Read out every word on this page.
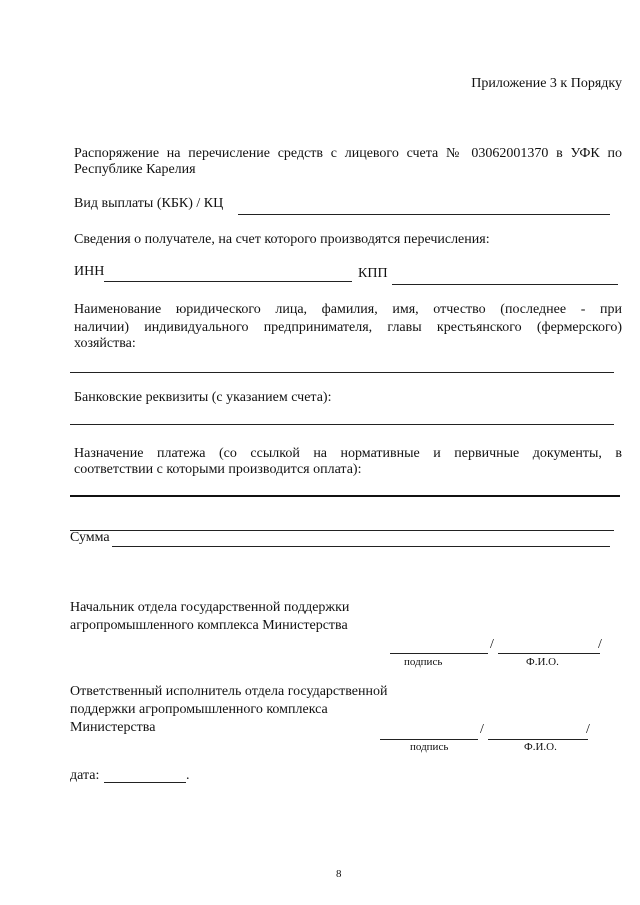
Приложение 3 к Порядку
Распоряжение на перечисление средств с лицевого счета № 03062001370 в УФК по
Республике Карелия
Вид выплаты (КБК) / КЦ
Сведения о получателе, на счет которого производятся перечисления:
ИНН	КПП
Наименование юридического лица, фамилия, имя, отчество (последнее - при
наличии) индивидуального предпринимателя, главы крестьянского (фермерского)
хозяйства:
Банковские реквизиты (с указанием счета):
Назначение платежа (со ссылкой на нормативные и первичные документы, в
соответствии с которыми производится оплата):
Сумма
Начальник отдела государственной поддержки
агропромышленного комплекса Министерства
/	/
подпись	Ф.И.О.
Ответственный исполнитель отдела государственной
поддержки агропромышленного комплекса
Министерства	/	/
подпись	Ф.И.О.
дата:	.
8
